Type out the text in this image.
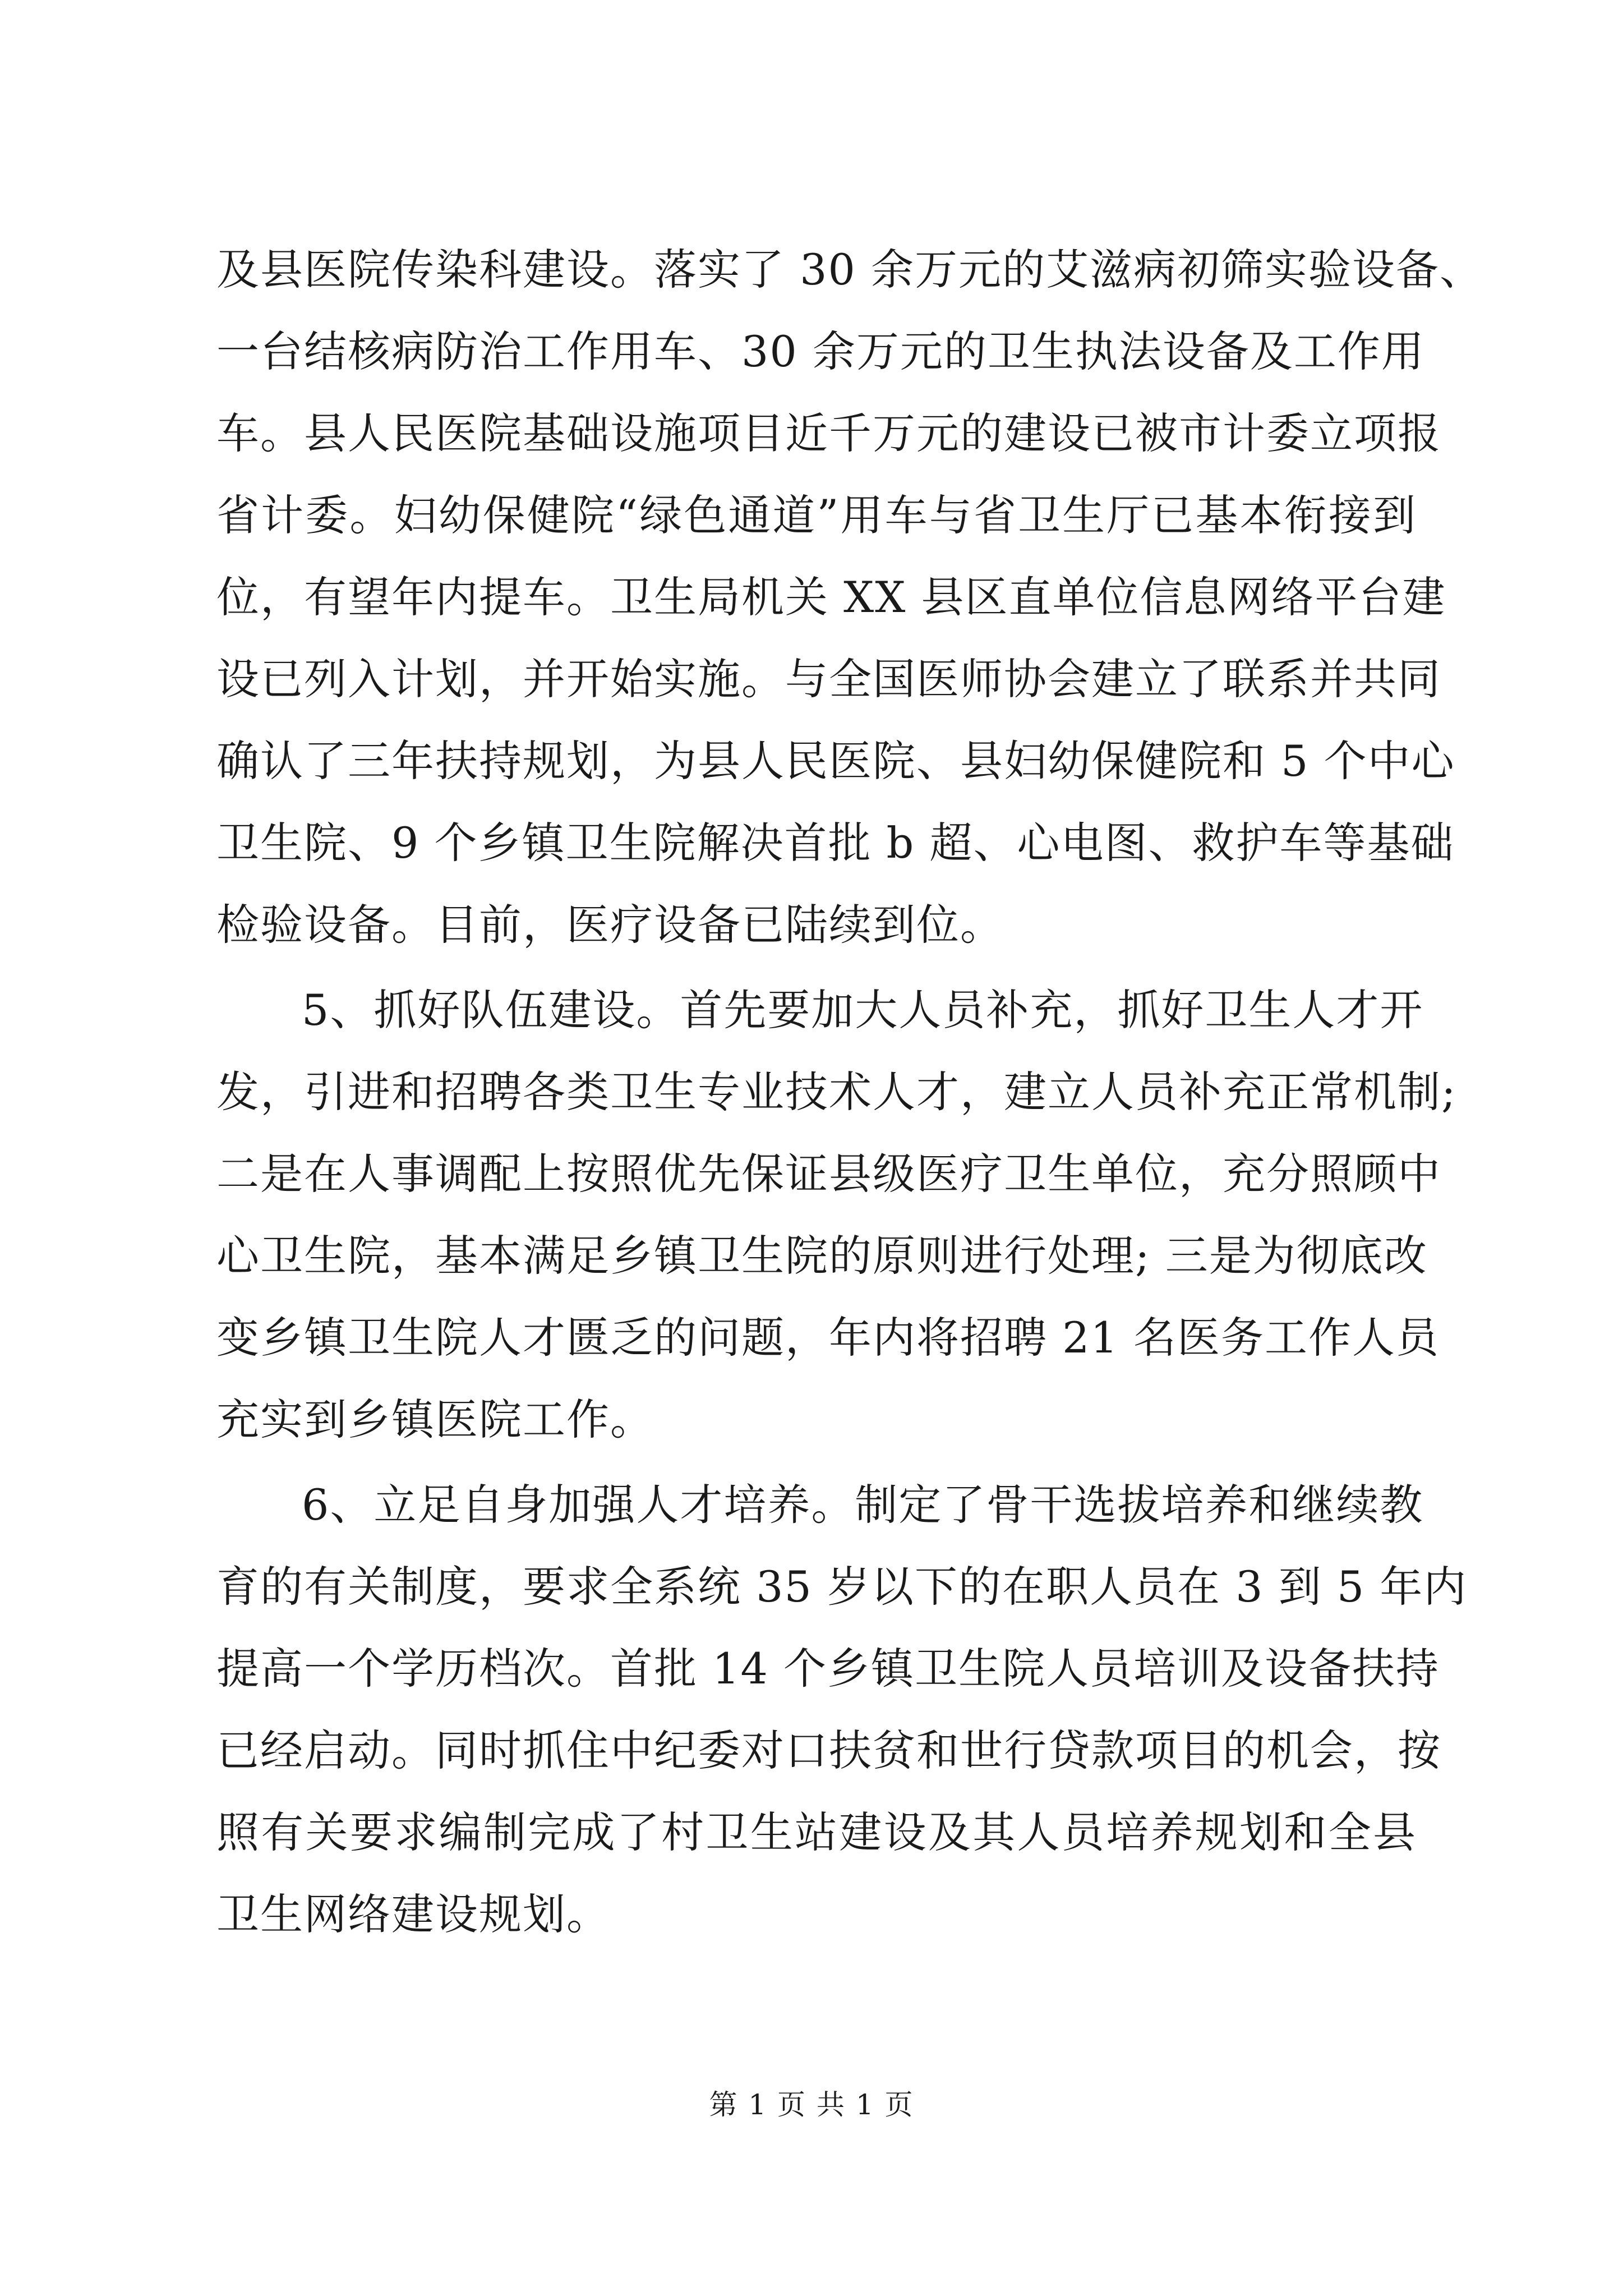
及县医院传染科建设。落实了 30 余万元的艾滋病初筛实验设备、
一台结核病防治工作用车、30 余万元的卫生执法设备及工作用
车。县人民医院基础设施项目近千万元的建设已被市计委立项报
省计委。妇幼保健院“绿色通道”用车与省卫生厅已基本衔接到
位，有望年内提车。卫生局机关 XX 县区直单位信息网络平台建
设已列入计划，并开始实施。与全国医师协会建立了联系并共同
确认了三年扶持规划，为县人民医院、县妇幼保健院和 5 个中心
卫生院、9 个乡镇卫生院解决首批 b 超、心电图、救护车等基础
检验设备。目前，医疗设备已陆续到位。
5、抓好队伍建设。首先要加大人员补充，抓好卫生人才开
发，引进和招聘各类卫生专业技术人才，建立人员补充正常机制;
二是在人事调配上按照优先保证县级医疗卫生单位，充分照顾中
心卫生院，基本满足乡镇卫生院的原则进行处理; 三是为彻底改
变乡镇卫生院人才匮乏的问题，年内将招聘 21 名医务工作人员
充实到乡镇医院工作。
6、立足自身加强人才培养。制定了骨干选拔培养和继续教
育的有关制度，要求全系统 35 岁以下的在职人员在 3 到 5 年内
提高一个学历档次。首批 14 个乡镇卫生院人员培训及设备扶持
已经启动。同时抓住中纪委对口扶贫和世行贷款项目的机会，按
照有关要求编制完成了村卫生站建设及其人员培养规划和全县
卫生网络建设规划。
第 1 页 共 1 页
